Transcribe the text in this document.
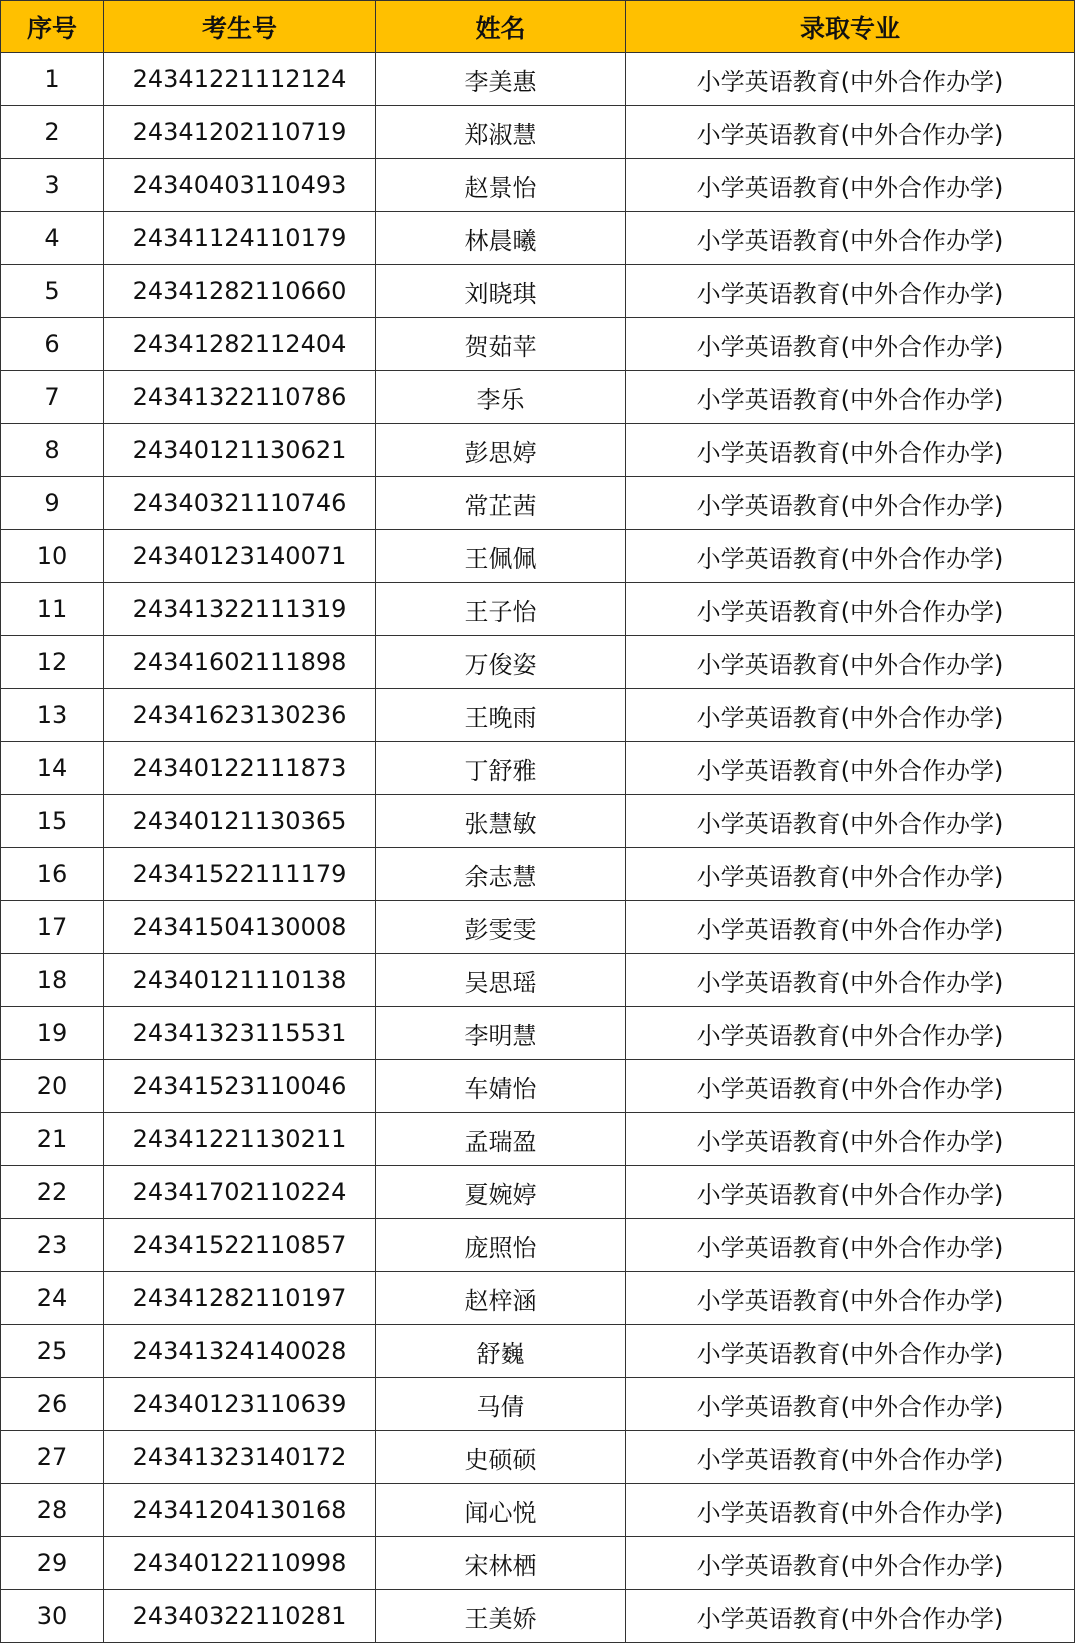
序号	考生号	姓名	录取专业
1	24341221112124	李美惠	小学英语教育(中外合作办学)
2	24341202110719	郑淑慧	小学英语教育(中外合作办学)
3	24340403110493	赵景怡	小学英语教育(中外合作办学)
4	24341124110179	林晨曦	小学英语教育(中外合作办学)
5	24341282110660	刘晓琪	小学英语教育(中外合作办学)
6	24341282112404	贺茹苹	小学英语教育(中外合作办学)
7	24341322110786	李乐	小学英语教育(中外合作办学)
8	24340121130621	彭思婷	小学英语教育(中外合作办学)
9	24340321110746	常芷茜	小学英语教育(中外合作办学)
10	24340123140071	王佩佩	小学英语教育(中外合作办学)
11	24341322111319	王子怡	小学英语教育(中外合作办学)
12	24341602111898	万俊姿	小学英语教育(中外合作办学)
13	24341623130236	王晚雨	小学英语教育(中外合作办学)
14	24340122111873	丁舒雅	小学英语教育(中外合作办学)
15	24340121130365	张慧敏	小学英语教育(中外合作办学)
16	24341522111179	余志慧	小学英语教育(中外合作办学)
17	24341504130008	彭雯雯	小学英语教育(中外合作办学)
18	24340121110138	吴思瑶	小学英语教育(中外合作办学)
19	24341323115531	李明慧	小学英语教育(中外合作办学)
20	24341523110046	车婧怡	小学英语教育(中外合作办学)
21	24341221130211	孟瑞盈	小学英语教育(中外合作办学)
22	24341702110224	夏婉婷	小学英语教育(中外合作办学)
23	24341522110857	庞照怡	小学英语教育(中外合作办学)
24	24341282110197	赵梓涵	小学英语教育(中外合作办学)
25	24341324140028	舒巍	小学英语教育(中外合作办学)
26	24340123110639	马倩	小学英语教育(中外合作办学)
27	24341323140172	史硕硕	小学英语教育(中外合作办学)
28	24341204130168	闻心悦	小学英语教育(中外合作办学)
29	24340122110998	宋林栖	小学英语教育(中外合作办学)
30	24340322110281	王美娇	小学英语教育(中外合作办学)
